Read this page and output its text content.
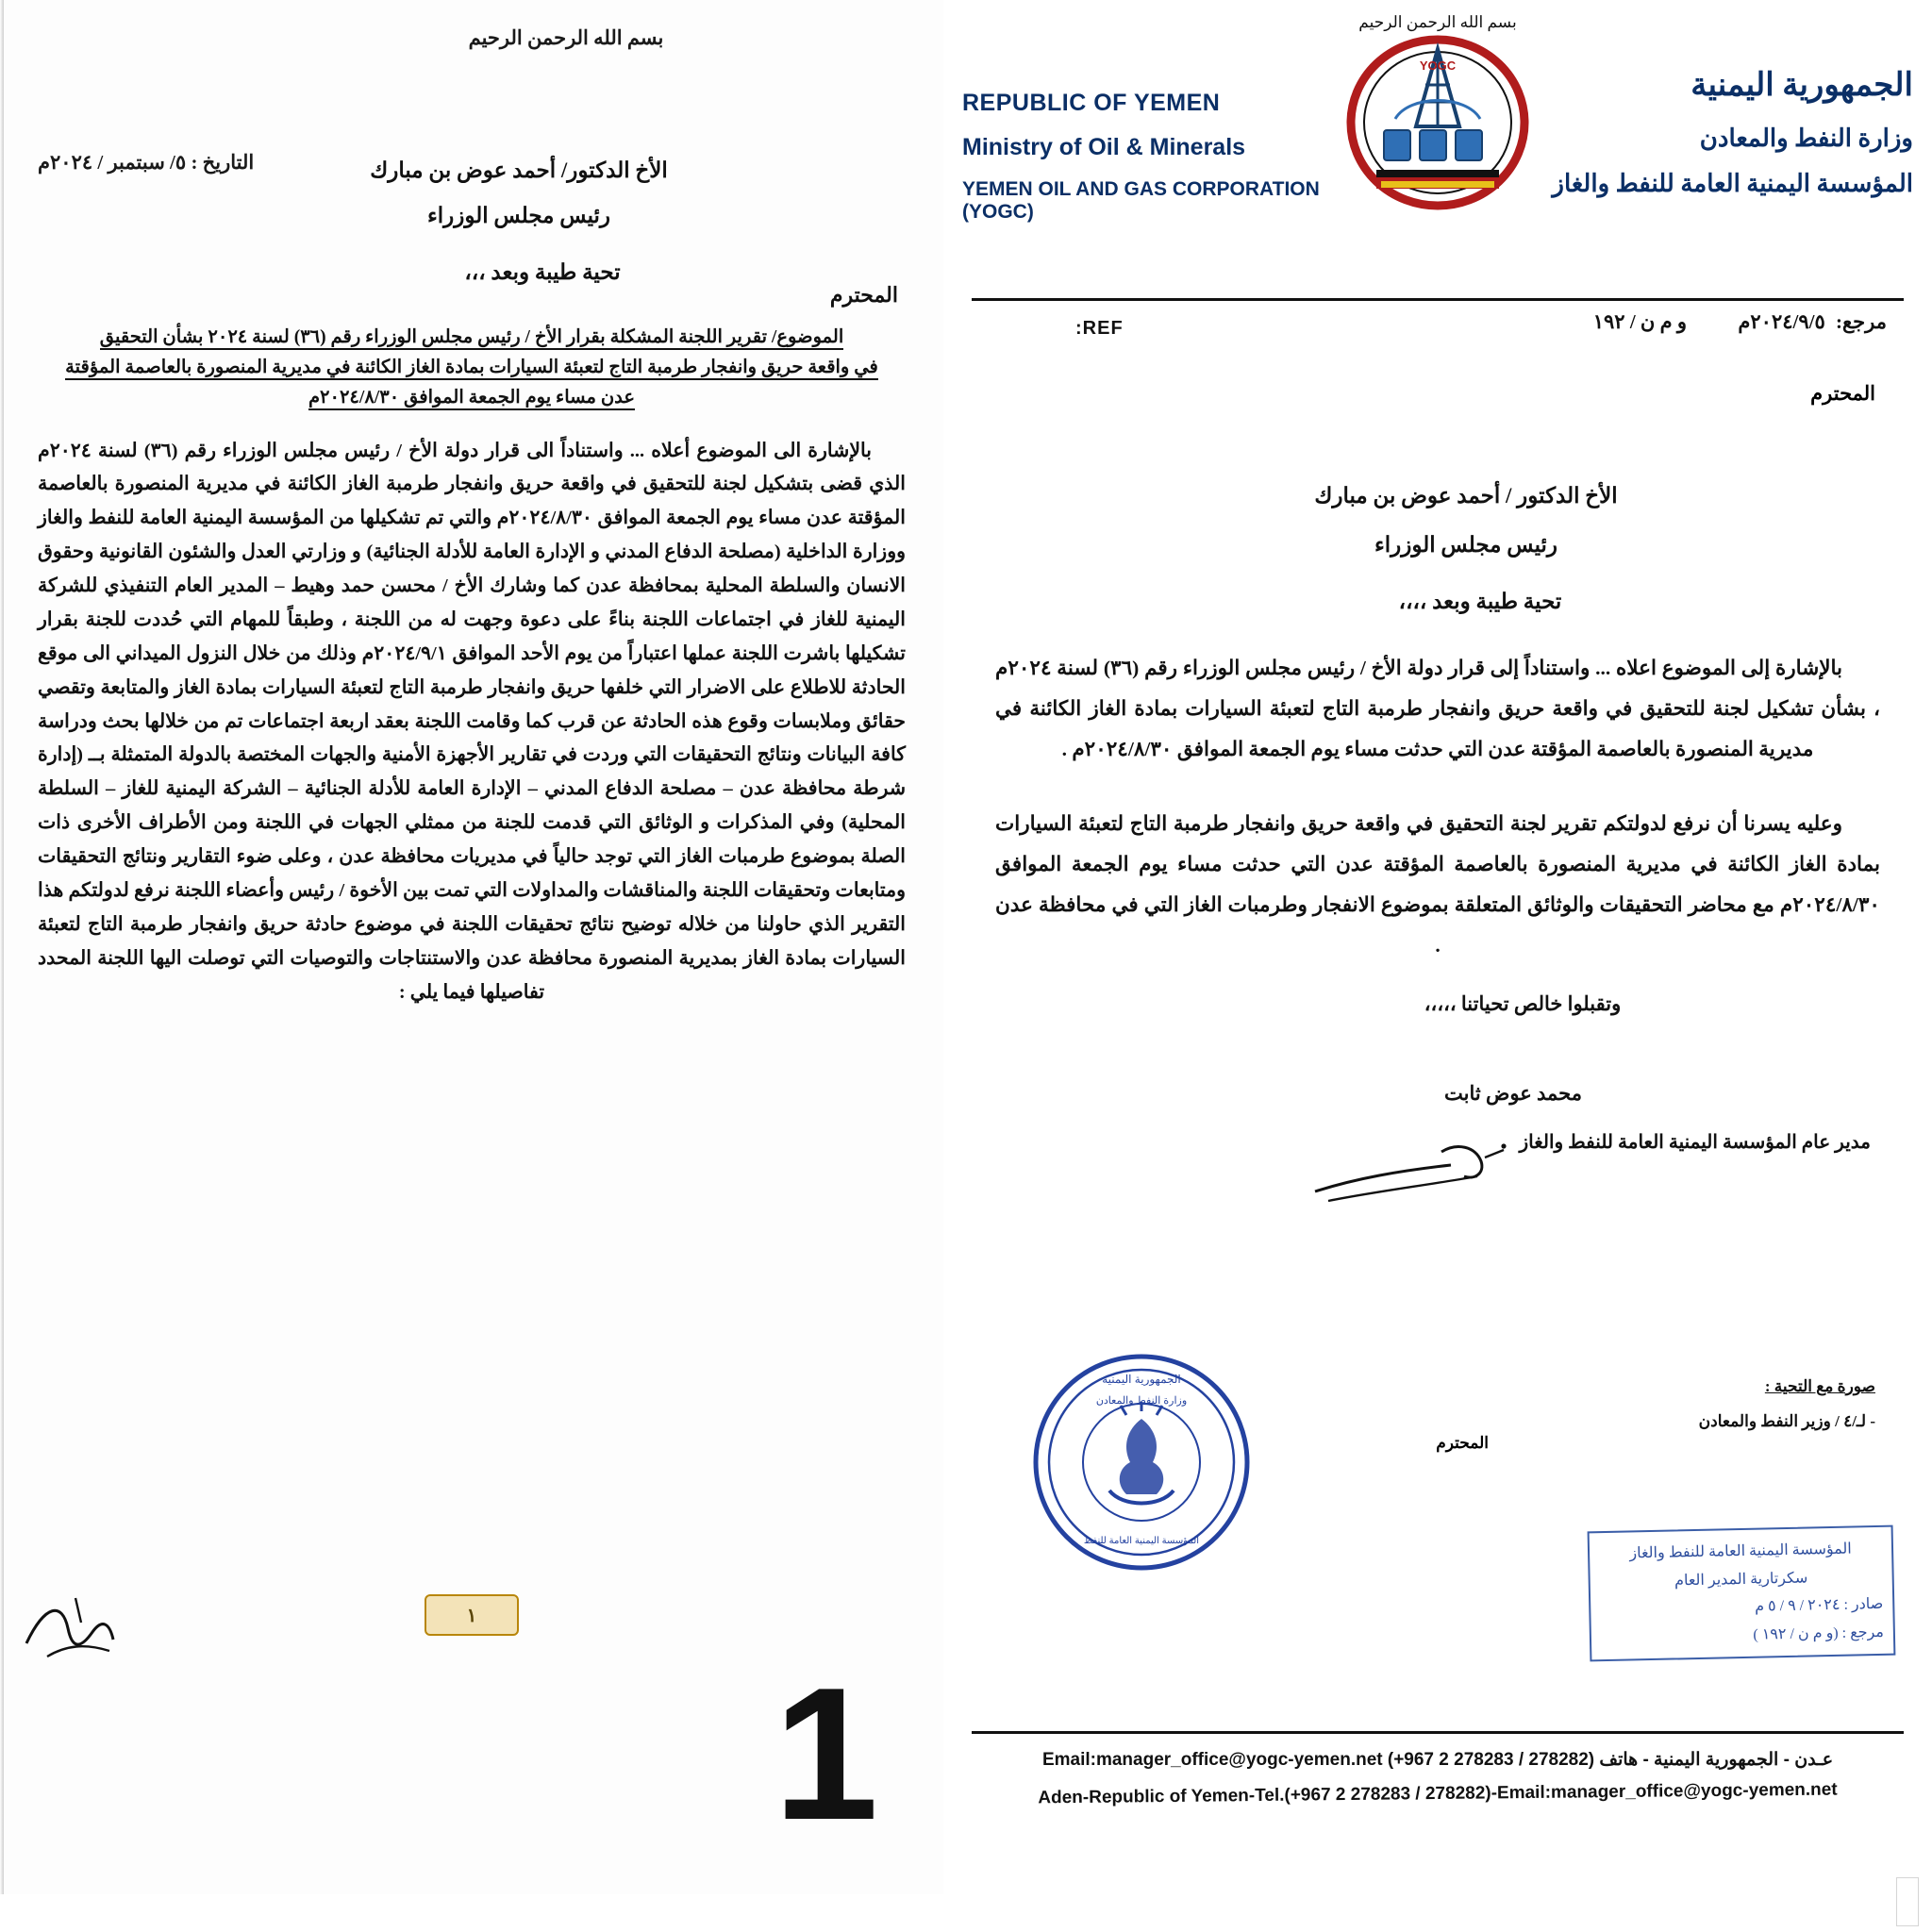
بسم الله الرحمن الرحيم
التاريخ : ٥/ سبتمبر / ٢٠٢٤م
المحترم
الأخ الدكتور/ أحمد عوض بن مبارك
رئيس مجلس الوزراء
تحية طيبة وبعد ،،،
الموضوع/ تقرير اللجنة المشكلة بقرار الأخ / رئيس مجلس الوزراء رقم (٣٦) لسنة ٢٠٢٤ بشأن التحقيق
في واقعة حريق وانفجار طرمبة التاج لتعبئة السيارات بمادة الغاز الكائنة في مديرية المنصورة بالعاصمة المؤقتة
عدن مساء يوم الجمعة الموافق ٢٠٢٤/٨/٣٠م

بالإشارة الى الموضوع أعلاه ... واستناداً الى قرار دولة الأخ / رئيس مجلس الوزراء رقم (٣٦) لسنة ٢٠٢٤م الذي قضى بتشكيل لجنة للتحقيق في واقعة حريق وانفجار طرمبة الغاز الكائنة في مديرية المنصورة بالعاصمة المؤقتة عدن مساء يوم الجمعة الموافق ٢٠٢٤/٨/٣٠م والتي تم تشكيلها من المؤسسة اليمنية العامة للنفط والغاز ووزارة الداخلية (مصلحة الدفاع المدني و الإدارة العامة للأدلة الجنائية) و وزارتي العدل والشئون القانونية وحقوق الانسان والسلطة المحلية بمحافظة عدن كما وشارك الأخ / محسن حمد وهيط – المدير العام التنفيذي للشركة اليمنية للغاز في اجتماعات اللجنة بناءً على دعوة وجهت له من اللجنة ، وطبقاً للمهام التي حُددت للجنة بقرار تشكيلها باشرت اللجنة عملها اعتباراً من يوم الأحد الموافق ٢٠٢٤/٩/١م وذلك من خلال النزول الميداني الى موقع الحادثة للاطلاع على الاضرار التي خلفها حريق وانفجار طرمبة التاج لتعبئة السيارات بمادة الغاز والمتابعة وتقصي حقائق وملابسات وقوع هذه الحادثة عن قرب كما وقامت اللجنة بعقد اربعة اجتماعات تم من خلالها بحث ودراسة كافة البيانات ونتائج التحقيقات التي وردت في تقارير الأجهزة الأمنية والجهات المختصة بالدولة المتمثلة بــ (إدارة شرطة محافظة عدن – مصلحة الدفاع المدني – الإدارة العامة للأدلة الجنائية – الشركة اليمنية للغاز – السلطة المحلية) وفي المذكرات و الوثائق التي قدمت للجنة من ممثلي الجهات في اللجنة ومن الأطراف الأخرى ذات الصلة بموضوع طرمبات الغاز التي توجد حالياً في مديريات محافظة عدن ، وعلى ضوء التقارير ونتائج التحقيقات ومتابعات وتحقيقات اللجنة والمناقشات والمداولات التي تمت بين الأخوة / رئيس وأعضاء اللجنة نرفع لدولتكم هذا التقرير الذي حاولنا من خلاله توضيح نتائج تحقيقات اللجنة في موضوع حادثة حريق وانفجار طرمبة التاج لتعبئة السيارات بمادة الغاز بمديرية المنصورة محافظة عدن والاستنتاجات والتوصيات التي توصلت اليها اللجنة المحدد تفاصيلها فيما يلي :

١
1
بسم الله الرحمن الرحيم
REPUBLIC OF YEMEN
Ministry of Oil & Minerals
YEMEN OIL AND GAS CORPORATION (YOGC)
YOGC
الجمهورية اليمنية
وزارة النفط والمعادن
المؤسسة اليمنية العامة للنفط والغاز
REF:	و م ن / ١٩٢	مرجع: ٢٠٢٤/٩/٥م
المحترم
الأخ الدكتور / أحمد عوض بن مبارك
رئيس مجلس الوزراء
تحية طيبة وبعد ،،،،
بالإشارة إلى الموضوع اعلاه ... واستناداً إلى قرار دولة الأخ / رئيس مجلس الوزراء رقم (٣٦) لسنة ٢٠٢٤م ، بشأن تشكيل لجنة للتحقيق في واقعة حريق وانفجار طرمبة التاج لتعبئة السيارات بمادة الغاز الكائنة في مديرية المنصورة بالعاصمة المؤقتة عدن التي حدثت مساء يوم الجمعة الموافق ٢٠٢٤/٨/٣٠م .
وعليه يسرنا أن نرفع لدولتكم تقرير لجنة التحقيق في واقعة حريق وانفجار طرمبة التاج لتعبئة السيارات بمادة الغاز الكائنة في مديرية المنصورة بالعاصمة المؤقتة عدن التي حدثت مساء يوم الجمعة الموافق ٢٠٢٤/٨/٣٠م مع محاضر التحقيقات والوثائق المتعلقة بموضوع الانفجار وطرمبات الغاز التي في محافظة عدن .
وتقبلوا خالص تحياتنا ،،،،،
محمد عوض ثابت
مدير عام المؤسسة اليمنية العامة للنفط والغاز
صورة مع التحية :
- لـ/٤ / وزير النفط والمعادن
المحترم
الجمهورية اليمنية
وزارة النفط والمعادن
المؤسسة اليمنية العامة للنفط
المؤسسة اليمنية العامة للنفط والغاز
سكرتارية المدير العام
صادر : ٢٠٢٤ / ٩ / ٥ م
مرجع : (و م ن / ١٩٢ )
عـدن - الجمهورية اليمنية - هاتف (278282 / 278283 2 967+) Email:manager_office@yogc-yemen.net
Aden-Republic of Yemen-Tel.(+967 2 278283 / 278282)-Email:manager_office@yogc-yemen.net
